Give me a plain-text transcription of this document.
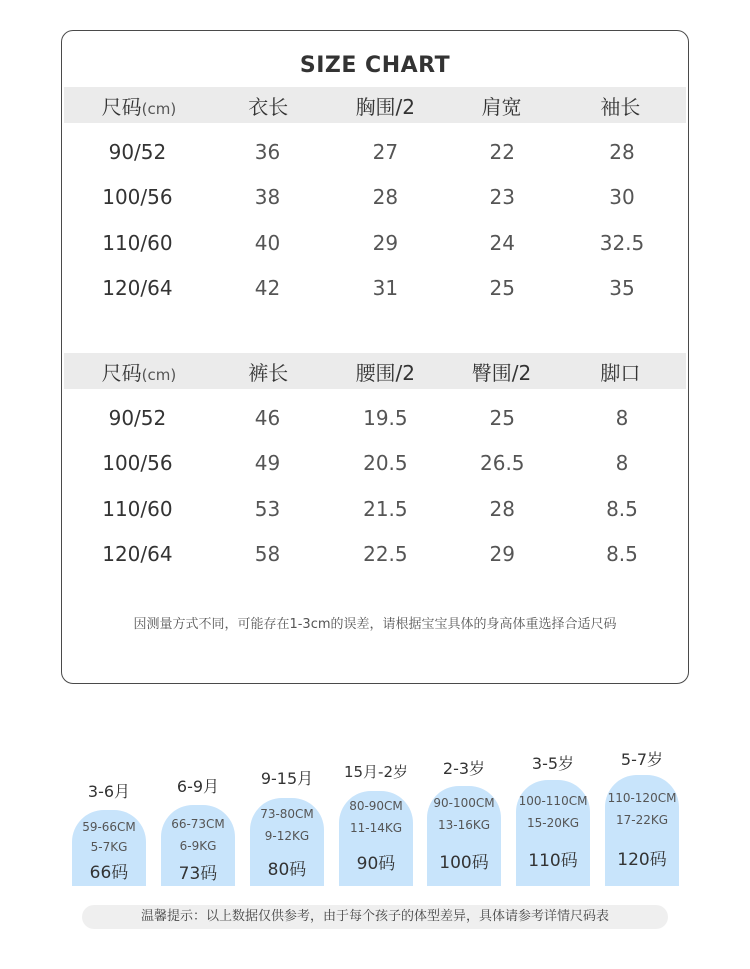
SIZE CHART
尺码(cm)	衣长	胸围/2	肩宽	袖长
90/52	36	27	22	28
100/56	38	28	23	30
110/60	40	29	24	32.5
120/64	42	31	25	35
尺码(cm)	裤长	腰围/2	臀围/2	脚口
90/52	46	19.5	25	8
100/56	49	20.5	26.5	8
110/60	53	21.5	28	8.5
120/64	58	22.5	29	8.5
因测量方式不同，可能存在1-3cm的误差，请根据宝宝具体的身高体重选择合适尺码
3-6月
59-66CM
5-7KG
66码
6-9月
66-73CM
6-9KG
73码
9-15月
73-80CM
9-12KG
80码
15月-2岁
80-90CM
11-14KG
90码
2-3岁
90-100CM
13-16KG
100码
3-5岁
100-110CM
15-20KG
110码
5-7岁
110-120CM
17-22KG
120码
温馨提示：以上数据仅供参考，由于每个孩子的体型差异，具体请参考详情尺码表
